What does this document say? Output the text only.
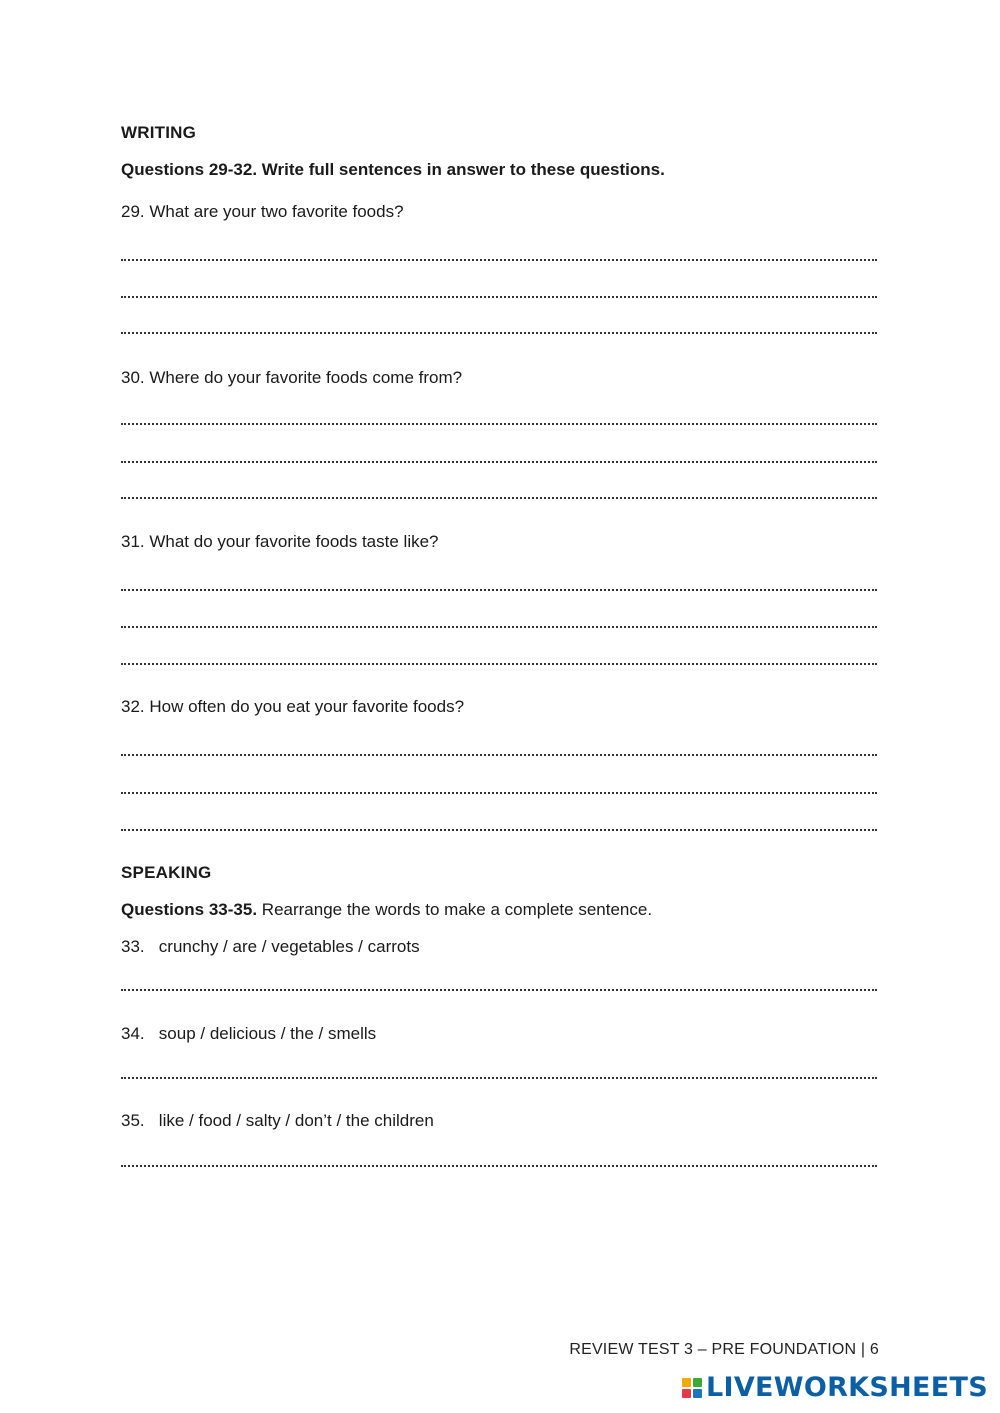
WRITING
Questions 29-32. Write full sentences in answer to these questions.
29. What are your two favorite foods?
30. Where do your favorite foods come from?
31. What do your favorite foods taste like?
32. How often do you eat your favorite foods?
SPEAKING
Questions 33-35. Rearrange the words to make a complete sentence.
33.   crunchy / are / vegetables / carrots
34.   soup / delicious / the / smells
35.   like / food / salty / don’t / the children
REVIEW TEST 3 – PRE FOUNDATION | 6
LIVEWORKSHEETS
